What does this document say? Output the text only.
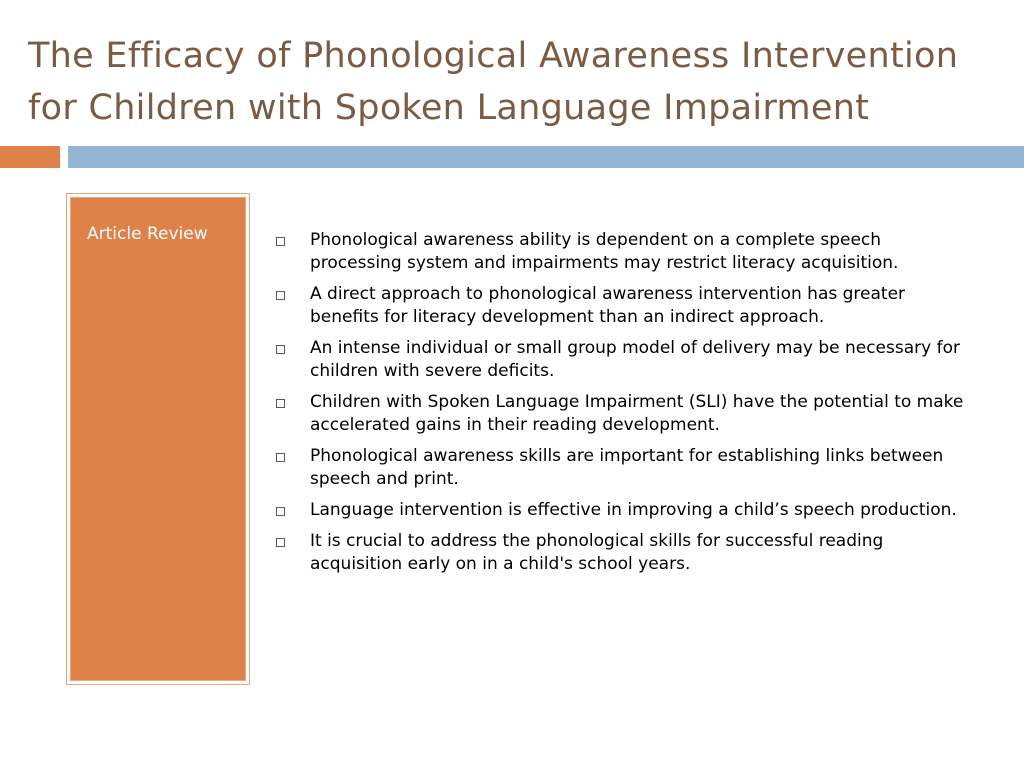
The Efficacy of Phonological Awareness Intervention
for Children with Spoken Language Impairment
Article Review	Phonological awareness ability is dependent on a complete speech processing system and impairments may restrict literacy acquisition.
A direct approach to phonological awareness intervention has greater benefits for literacy development than an indirect approach.
An intense individual or small group model of delivery may be necessary for children with severe deficits.
Children with Spoken Language Impairment (SLI) have the potential to make accelerated gains in their reading development.
Phonological awareness skills are important for establishing links between speech and print.
Language intervention is effective in improving a child’s speech production.
It is crucial to address the phonological skills for successful reading acquisition early on in a child's school years.
